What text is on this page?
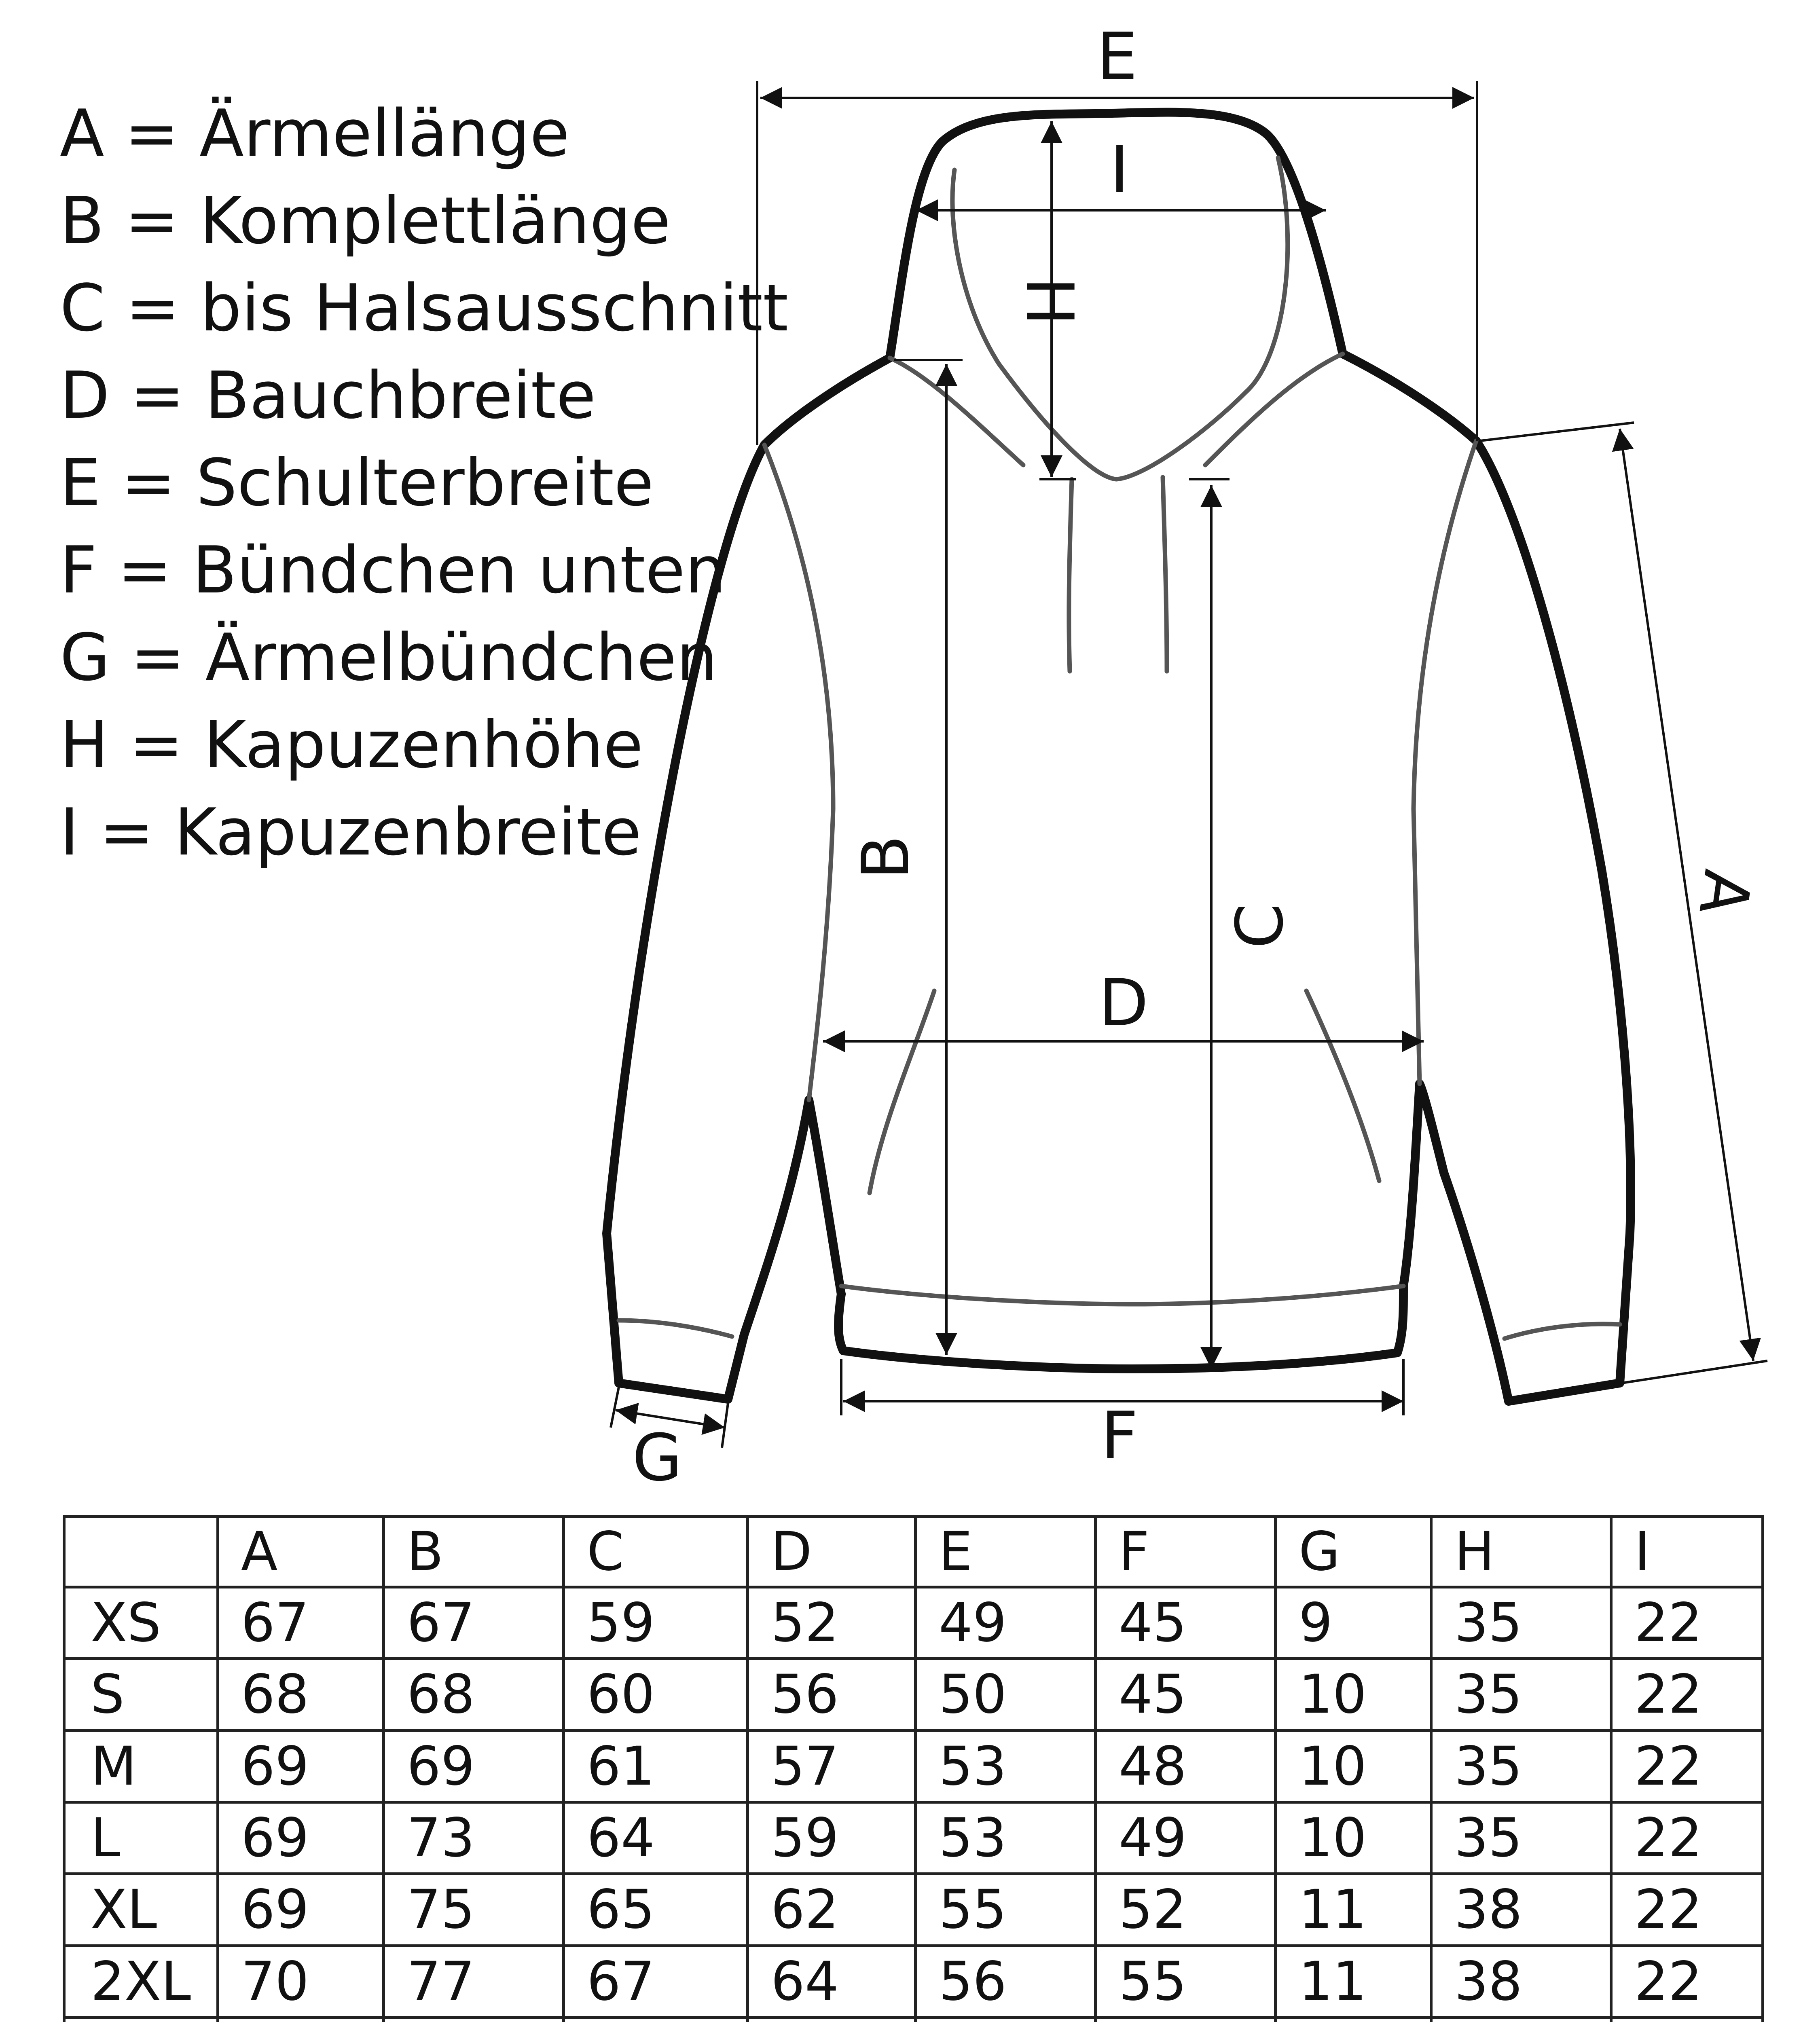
A = Ärmellänge
B = Komplettlänge
C = bis Halsausschnitt
D = Bauchbreite
E = Schulterbreite
F = Bündchen unten
G = Ärmelbündchen
H = Kapuzenhöhe
I = Kapuzenbreite
E
I
H
B
C
D
F
G
A
	A	B	C	D	E	F	G	H	I
XS	67	67	59	52	49	45	9	35	22
S	68	68	60	56	50	45	10	35	22
M	69	69	61	57	53	48	10	35	22
L	69	73	64	59	53	49	10	35	22
XL	69	75	65	62	55	52	11	38	22
2XL	70	77	67	64	56	55	11	38	22
